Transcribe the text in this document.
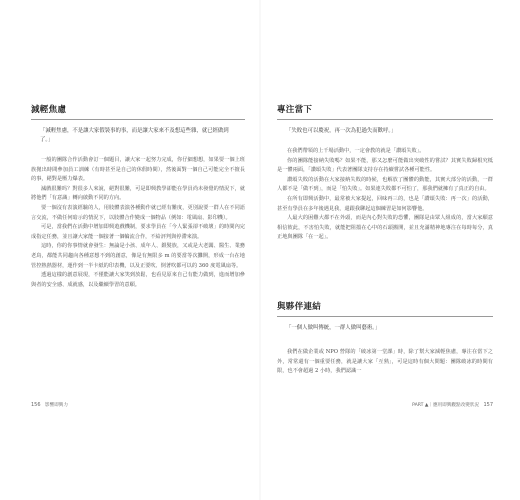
減輕焦慮
「減輕焦慮，不是讓大家假裝事的事，而是讓大家來不及想這些雜，就已經做到了。」

一般的團隊合作活動會訂一個題目，讓大家一起努力完成，你仔細想想，如果要一個上班族拋出時間參加員工訓練（有時甚至是自己的休假時間），然後面對一個自己可能完全不擅長的事，絕對是壓力爆表。

滅戲很難吗？對很多人來說，絕對很難，可是即興教學卻能在學員尚未發覺的情況下，就將他們「有意識」轉向啟動不同的方向。

要一個沒有表演經驗的人，用肢體表演各種動作就已經有難度，更別說要一群人在不同語言交流，不做任何暗示的情況下，以肢體合作變成一個物品（例如：電風扇、影印機）。

可是，當我們在活動中增加即興遊戲機制，要求學員在「今人緊張卻不破壞」的時間內完成指定任務，並且讓大家能一個接著一個輪流合作，不給評判與停滯來演。

這時，你的你事情就會發生：無論是小孩、成年人、銀髮族，又或是大老闆、醫生、業務老鳥，都能共同趨向各種意想不到的創意，像是有無限多 m 的要當等次攤開，形成一台在地管控熱熱器材，運作到一半卡紙的印表機，以及正要吹、倒著吹都可以的 360 度電風扇等。

透過這樣的創意展現，不僅能讓大家笑到放鬆，也看見原來自己有能力做到，進而增加參與者的安全感、成就感，以及繼續學習的意願。

156 影響即興力
專注當下
「失敗也可以慶祝，再一次為犯過失而歡呼。」

在我們帶領的上千場活動中，一定會教的就是「讚頌失敗」。

你的團隊能接納失敗嗎？如果不能，那又怎麼可能做出突破性的嘗試？其實失敗歸根究柢是一體兩面，「讚頌失敗」代表著團隊支持存在持續嘗試各種可能性。

讚頌失敗的活動在大家接納失敗的時候，也解放了團體的動能，其實大部分的活動，一群人都不是「做不到」，而是「怕失敗」。如果連失敗都不可怕了，那我們就擁有了真正的自由。

在所有即興活動中，最常被大家提起，回味再三的，也是「讚頌失敗：再一次」的活動，甚至有學員在多年後遇見我，還跟我聊起這個練習是如何影響他。

人最大的困難大都不在外頭，而是內心對失敗的恐懼，團隊是由眾人組成的，當大家願意相信彼此，不害怕失敗，就能把阻擋在心中的石頭搬開，並且充滿精神地專注在每時每分，真正地與團隊「在一起」。

與夥伴連結
「一個人做叫傳統，一群人做叫藝術。」

我們在做企業或 NPO 營隊的「破冰第一堂課」時，除了幫大家減輕焦慮，專注在當下之外，常常還有一個重要任務，就是讓大家「互熟」，可是這時有個大問題：團隊破冰的時間有限，也不會超過 2 小時，我們認識一

PART ▲｜應用即興觀點改變狀況 157
